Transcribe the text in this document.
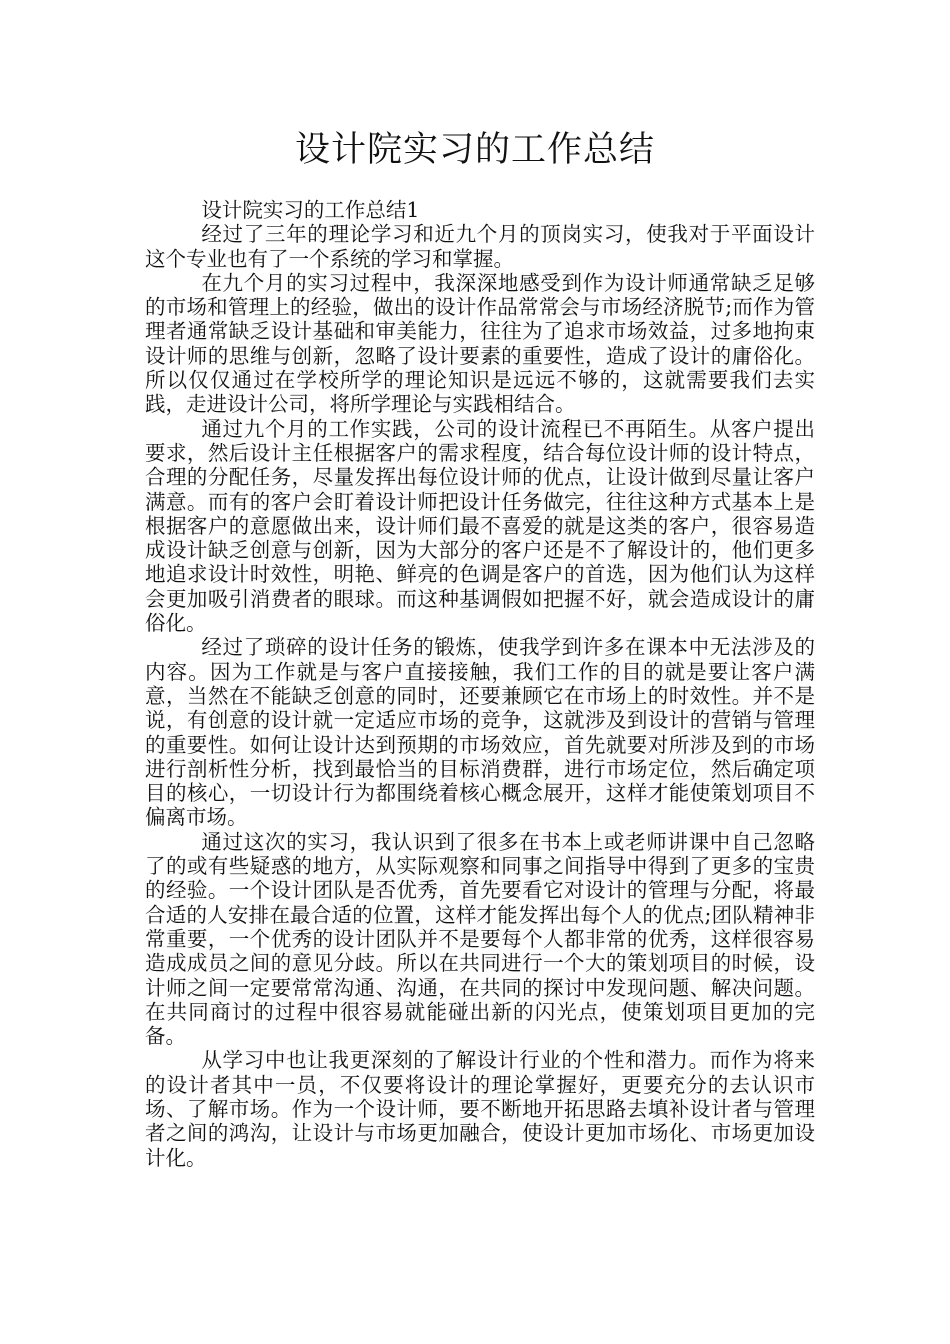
设计院实习的工作总结

设计院实习的工作总结1

经过了三年的理论学习和近九个月的顶岗实习，使我对于平面设计这个专业也有了一个系统的学习和掌握。

在九个月的实习过程中，我深深地感受到作为设计师通常缺乏足够的市场和管理上的经验，做出的设计作品常常会与市场经济脱节;而作为管理者通常缺乏设计基础和审美能力，往往为了追求市场效益，过多地拘束设计师的思维与创新，忽略了设计要素的重要性，造成了设计的庸俗化。所以仅仅通过在学校所学的理论知识是远远不够的，这就需要我们去实践，走进设计公司，将所学理论与实践相结合。

通过九个月的工作实践，公司的设计流程已不再陌生。从客户提出要求，然后设计主任根据客户的需求程度，结合每位设计师的设计特点，合理的分配任务，尽量发挥出每位设计师的优点，让设计做到尽量让客户满意。而有的客户会盯着设计师把设计任务做完，往往这种方式基本上是根据客户的意愿做出来，设计师们最不喜爱的就是这类的客户，很容易造成设计缺乏创意与创新，因为大部分的客户还是不了解设计的，他们更多地追求设计时效性，明艳、鲜亮的色调是客户的首选，因为他们认为这样会更加吸引消费者的眼球。而这种基调假如把握不好，就会造成设计的庸俗化。

经过了琐碎的设计任务的锻炼，使我学到许多在课本中无法涉及的内容。因为工作就是与客户直接接触，我们工作的目的就是要让客户满意，当然在不能缺乏创意的同时，还要兼顾它在市场上的时效性。并不是说，有创意的设计就一定适应市场的竞争，这就涉及到设计的营销与管理的重要性。如何让设计达到预期的市场效应，首先就要对所涉及到的市场进行剖析性分析，找到最恰当的目标消费群，进行市场定位，然后确定项目的核心，一切设计行为都围绕着核心概念展开，这样才能使策划项目不偏离市场。

通过这次的实习，我认识到了很多在书本上或老师讲课中自己忽略了的或有些疑惑的地方，从实际观察和同事之间指导中得到了更多的宝贵的经验。一个设计团队是否优秀，首先要看它对设计的管理与分配，将最合适的人安排在最合适的位置，这样才能发挥出每个人的优点;团队精神非常重要，一个优秀的设计团队并不是要每个人都非常的优秀，这样很容易造成成员之间的意见分歧。所以在共同进行一个大的策划项目的时候，设计师之间一定要常常沟通、沟通，在共同的探讨中发现问题、解决问题。在共同商讨的过程中很容易就能碰出新的闪光点，使策划项目更加的完备。

从学习中也让我更深刻的了解设计行业的个性和潜力。而作为将来的设计者其中一员，不仅要将设计的理论掌握好，更要充分的去认识市场、了解市场。作为一个设计师，要不断地开拓思路去填补设计者与管理者之间的鸿沟，让设计与市场更加融合，使设计更加市场化、市场更加设计化。
